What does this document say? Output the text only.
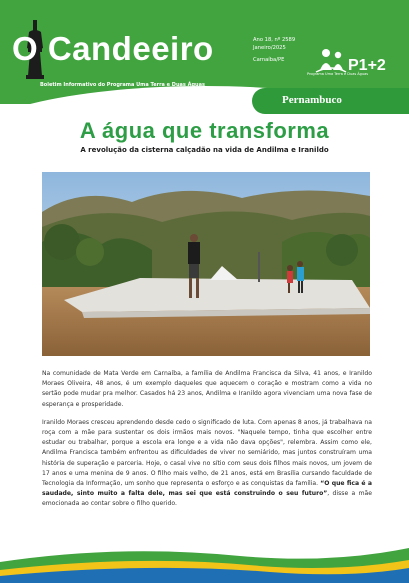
O Candeeiro
Boletim Informativo do Programa Uma Terra e Duas Águas
Ano 18, nº 2589
Janeiro/2025
Carnaíba/PE	P1+2
Programa Uma Terra e Duas Águas
Pernambuco
A água que transforma
A revolução da cisterna calçadão na vida de Andilma e Iranildo

Na comunidade de Mata Verde em Carnaíba, a família de Andilma Francisca da Silva, 41 anos, e Iranildo Moraes Oliveira, 48 anos, é um exemplo daqueles que aquecem o coração e mostram como a vida no sertão pode mudar pra melhor. Casados há 23 anos, Andilma e Iranildo agora vivenciam uma nova fase de esperança e prosperidade.

Iranildo Moraes cresceu aprendendo desde cedo o significado de luta. Com apenas 8 anos, já trabalhava na roça com a mãe para sustentar os dois irmãos mais novos. "Naquele tempo, tinha que escolher entre estudar ou trabalhar, porque a escola era longe e a vida não dava opções", relembra. Assim como ele, Andilma Francisca também enfrentou as dificuldades de viver no semiárido, mas juntos construíram uma história de superação e parceria. Hoje, o casal vive no sítio com seus dois filhos mais novos, um jovem de 17 anos e uma menina de 9 anos. O filho mais velho, de 21 anos, está em Brasília cursando faculdade de Tecnologia da Informação, um sonho que representa o esforço e as conquistas da família. “O que fica é a saudade, sinto muito a falta dele, mas sei que está construindo o seu futuro”, disse a mãe emocionada ao contar sobre o filho querido.
